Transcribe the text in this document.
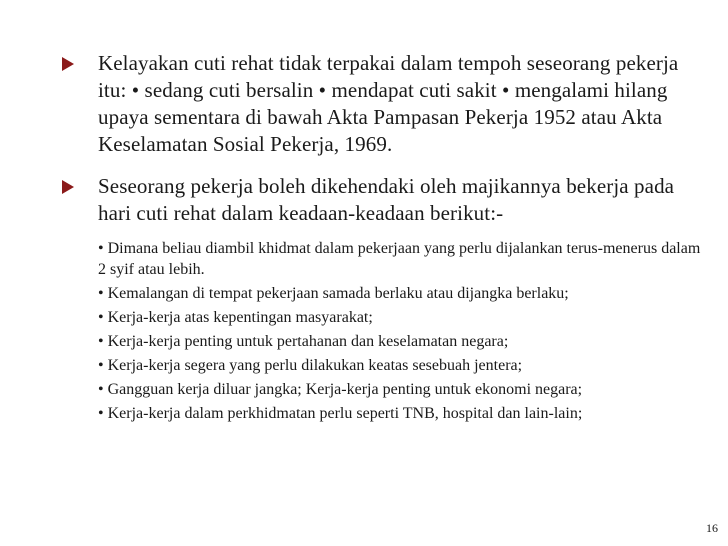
Kelayakan cuti rehat tidak terpakai dalam tempoh seseorang pekerja itu: • sedang cuti bersalin • mendapat cuti sakit • mengalami hilang upaya sementara di bawah Akta Pampasan Pekerja 1952 atau Akta Keselamatan Sosial Pekerja, 1969.
Seseorang pekerja boleh dikehendaki oleh majikannya bekerja pada hari cuti rehat dalam keadaan-keadaan berikut:-
• Dimana beliau diambil khidmat dalam pekerjaan yang perlu dijalankan terus-menerus dalam 2 syif atau lebih.
• Kemalangan di tempat pekerjaan samada berlaku atau dijangka berlaku;
• Kerja-kerja atas kepentingan masyarakat;
• Kerja-kerja penting untuk pertahanan dan keselamatan negara;
• Kerja-kerja segera yang perlu dilakukan keatas sesebuah jentera;
• Gangguan kerja diluar jangka; Kerja-kerja penting untuk ekonomi negara;
• Kerja-kerja dalam perkhidmatan perlu seperti TNB, hospital dan lain-lain;
16
